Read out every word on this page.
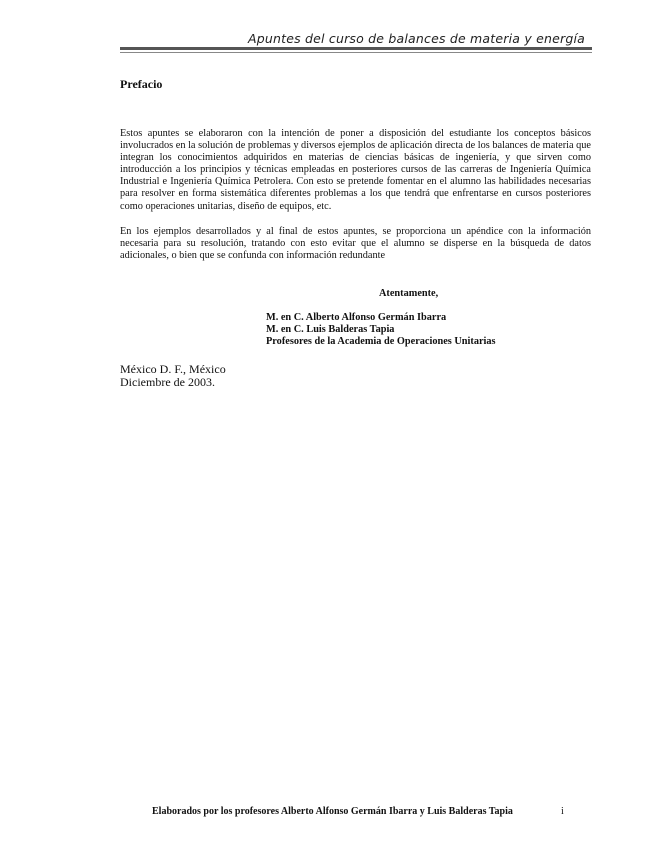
Apuntes del curso de balances de materia y energía
Prefacio
Estos apuntes se elaboraron con la intención de poner a disposición del estudiante los conceptos básicos involucrados en la solución de problemas y diversos ejemplos de aplicación directa de los balances de materia que integran los conocimientos adquiridos en materias de ciencias básicas de ingeniería, y que sirven como introducción a los principios y técnicas empleadas en posteriores cursos de las carreras de Ingeniería Química Industrial e Ingeniería Química Petrolera. Con esto se pretende fomentar en el alumno las habilidades necesarias para resolver en forma sistemática diferentes problemas a los que tendrá que enfrentarse en cursos posteriores como operaciones unitarias, diseño de equipos, etc.
En los ejemplos desarrollados y al final de estos apuntes, se proporciona un apéndice con la información necesaria para su resolución, tratando con esto evitar que el alumno se disperse en la búsqueda de datos adicionales, o bien que se confunda con información redundante
Atentamente,
M. en C. Alberto Alfonso Germán Ibarra
M. en C. Luis Balderas Tapia
Profesores de la Academia de Operaciones Unitarias
México D. F., México
Diciembre de 2003.
Elaborados por los profesores Alberto Alfonso Germán Ibarra y Luis Balderas Tapia	i
